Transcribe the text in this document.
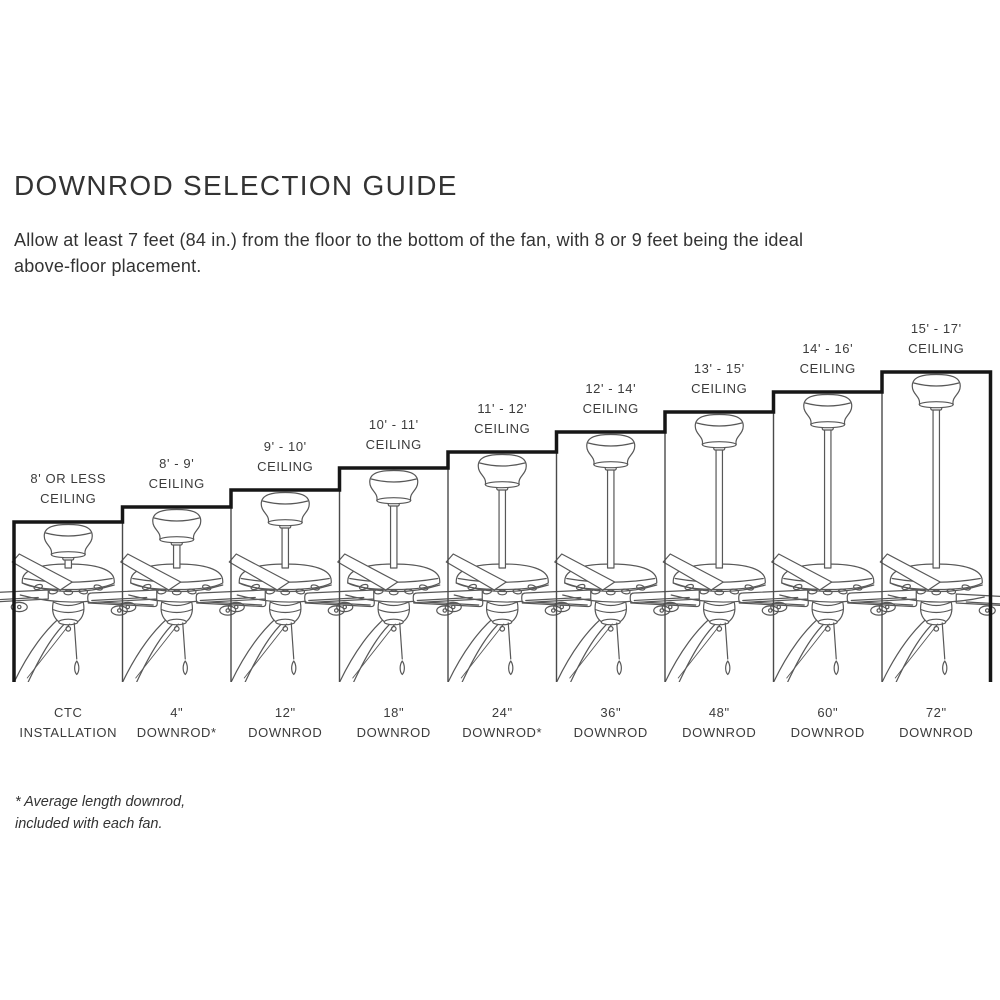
DOWNROD SELECTION GUIDE
Allow at least 7 feet (84 in.) from the floor to the bottom of the fan, with 8 or 9 feet being the ideal
above-floor placement.
8' OR LESS
CEILING
CTC
INSTALLATION
8' - 9'
CEILING
4"
DOWNROD*
9' - 10'
CEILING
12"
DOWNROD
10' - 11'
CEILING
18"
DOWNROD
11' - 12'
CEILING
24"
DOWNROD*
12' - 14'
CEILING
36"
DOWNROD
13' - 15'
CEILING
48"
DOWNROD
14' - 16'
CEILING
60"
DOWNROD
15' - 17'
CEILING
72"
DOWNROD
* Average length downrod,
included with each fan.
